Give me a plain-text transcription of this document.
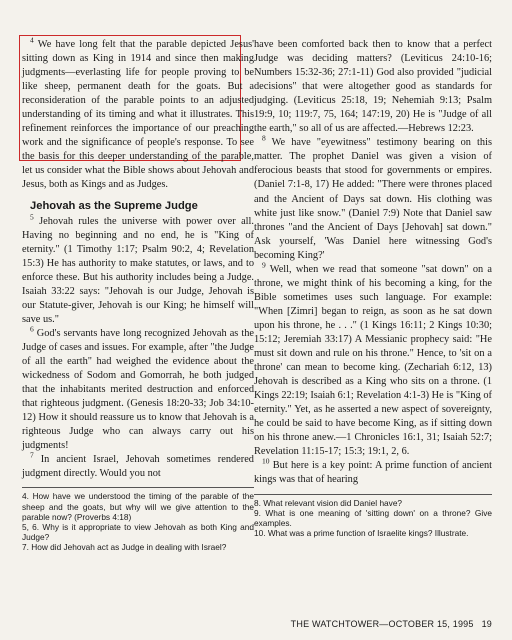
$^4$ We have long felt that the parable depicted Jesus' sitting down as King in 1914 and since then making judgments—everlasting life for people proving to be like sheep, permanent death for the goats. But a reconsideration of the parable points to an adjusted understanding of its timing and what it illustrates. This refinement reinforces the importance of our preaching work and the significance of people's response. To see the basis for this deeper understanding of the parable, let us consider what the Bible shows about Jehovah and Jesus, both as Kings and as Judges.

Jehovah as the Supreme Judge

$^5$ Jehovah rules the universe with power over all. Having no beginning and no end, he is "King of eternity." (1 Timothy 1:17; Psalm 90:2, 4; Revelation 15:3) He has authority to make statutes, or laws, and to enforce these. But his authority includes being a Judge. Isaiah 33:22 says: "Jehovah is our Judge, Jehovah is our Statute-giver, Jehovah is our King; he himself will save us."

$^6$ God's servants have long recognized Jehovah as the Judge of cases and issues. For example, after "the Judge of all the earth" had weighed the evidence about the wickedness of Sodom and Gomorrah, he both judged that the inhabitants merited destruction and enforced that righteous judgment. (Genesis 18:20-33; Job 34:10-12) How it should reassure us to know that Jehovah is a righteous Judge who can always carry out his judgments!

$^7$ In ancient Israel, Jehovah sometimes rendered judgment directly. Would you not

4. How have we understood the timing of the parable of the sheep and the goats, but why will we give attention to the parable now? (Proverbs 4:18)

5, 6. Why is it appropriate to view Jehovah as both King and Judge?

7. How did Jehovah act as Judge in dealing with Israel?

have been comforted back then to know that a perfect Judge was deciding matters? (Leviticus 24:10-16; Numbers 15:32-36; 27:1-11) God also provided "judicial decisions" that were altogether good as standards for judging. (Leviticus 25:18, 19; Nehemiah 9:13; Psalm 19:9, 10; 119:7, 75, 164; 147:19, 20) He is "Judge of all the earth," so all of us are affected.—Hebrews 12:23.

$^8$ We have "eyewitness" testimony bearing on this matter. The prophet Daniel was given a vision of ferocious beasts that stood for governments or empires. (Daniel 7:1-8, 17) He added: "There were thrones placed and the Ancient of Days sat down. His clothing was white just like snow." (Daniel 7:9) Note that Daniel saw thrones "and the Ancient of Days [Jehovah] sat down." Ask yourself, 'Was Daniel here witnessing God's becoming King?'

$^9$ Well, when we read that someone "sat down" on a throne, we might think of his becoming a king, for the Bible sometimes uses such language. For example: "When [Zimri] began to reign, as soon as he sat down upon his throne, he . . ." (1 Kings 16:11; 2 Kings 10:30; 15:12; Jeremiah 33:17) A Messianic prophecy said: "He must sit down and rule on his throne." Hence, to 'sit on a throne' can mean to become king. (Zechariah 6:12, 13) Jehovah is described as a King who sits on a throne. (1 Kings 22:19; Isaiah 6:1; Revelation 4:1-3) He is "King of eternity." Yet, as he asserted a new aspect of sovereignty, he could be said to have become King, as if sitting down on his throne anew.—1 Chronicles 16:1, 31; Isaiah 52:7; Revelation 11:15-17; 15:3; 19:1, 2, 6.

$^{10}$ But here is a key point: A prime function of ancient kings was that of hearing

8. What relevant vision did Daniel have?

9. What is one meaning of 'sitting down' on a throne? Give examples.

10. What was a prime function of Israelite kings? Illustrate.

THE WATCHTOWER—OCTOBER 15, 1995 19
